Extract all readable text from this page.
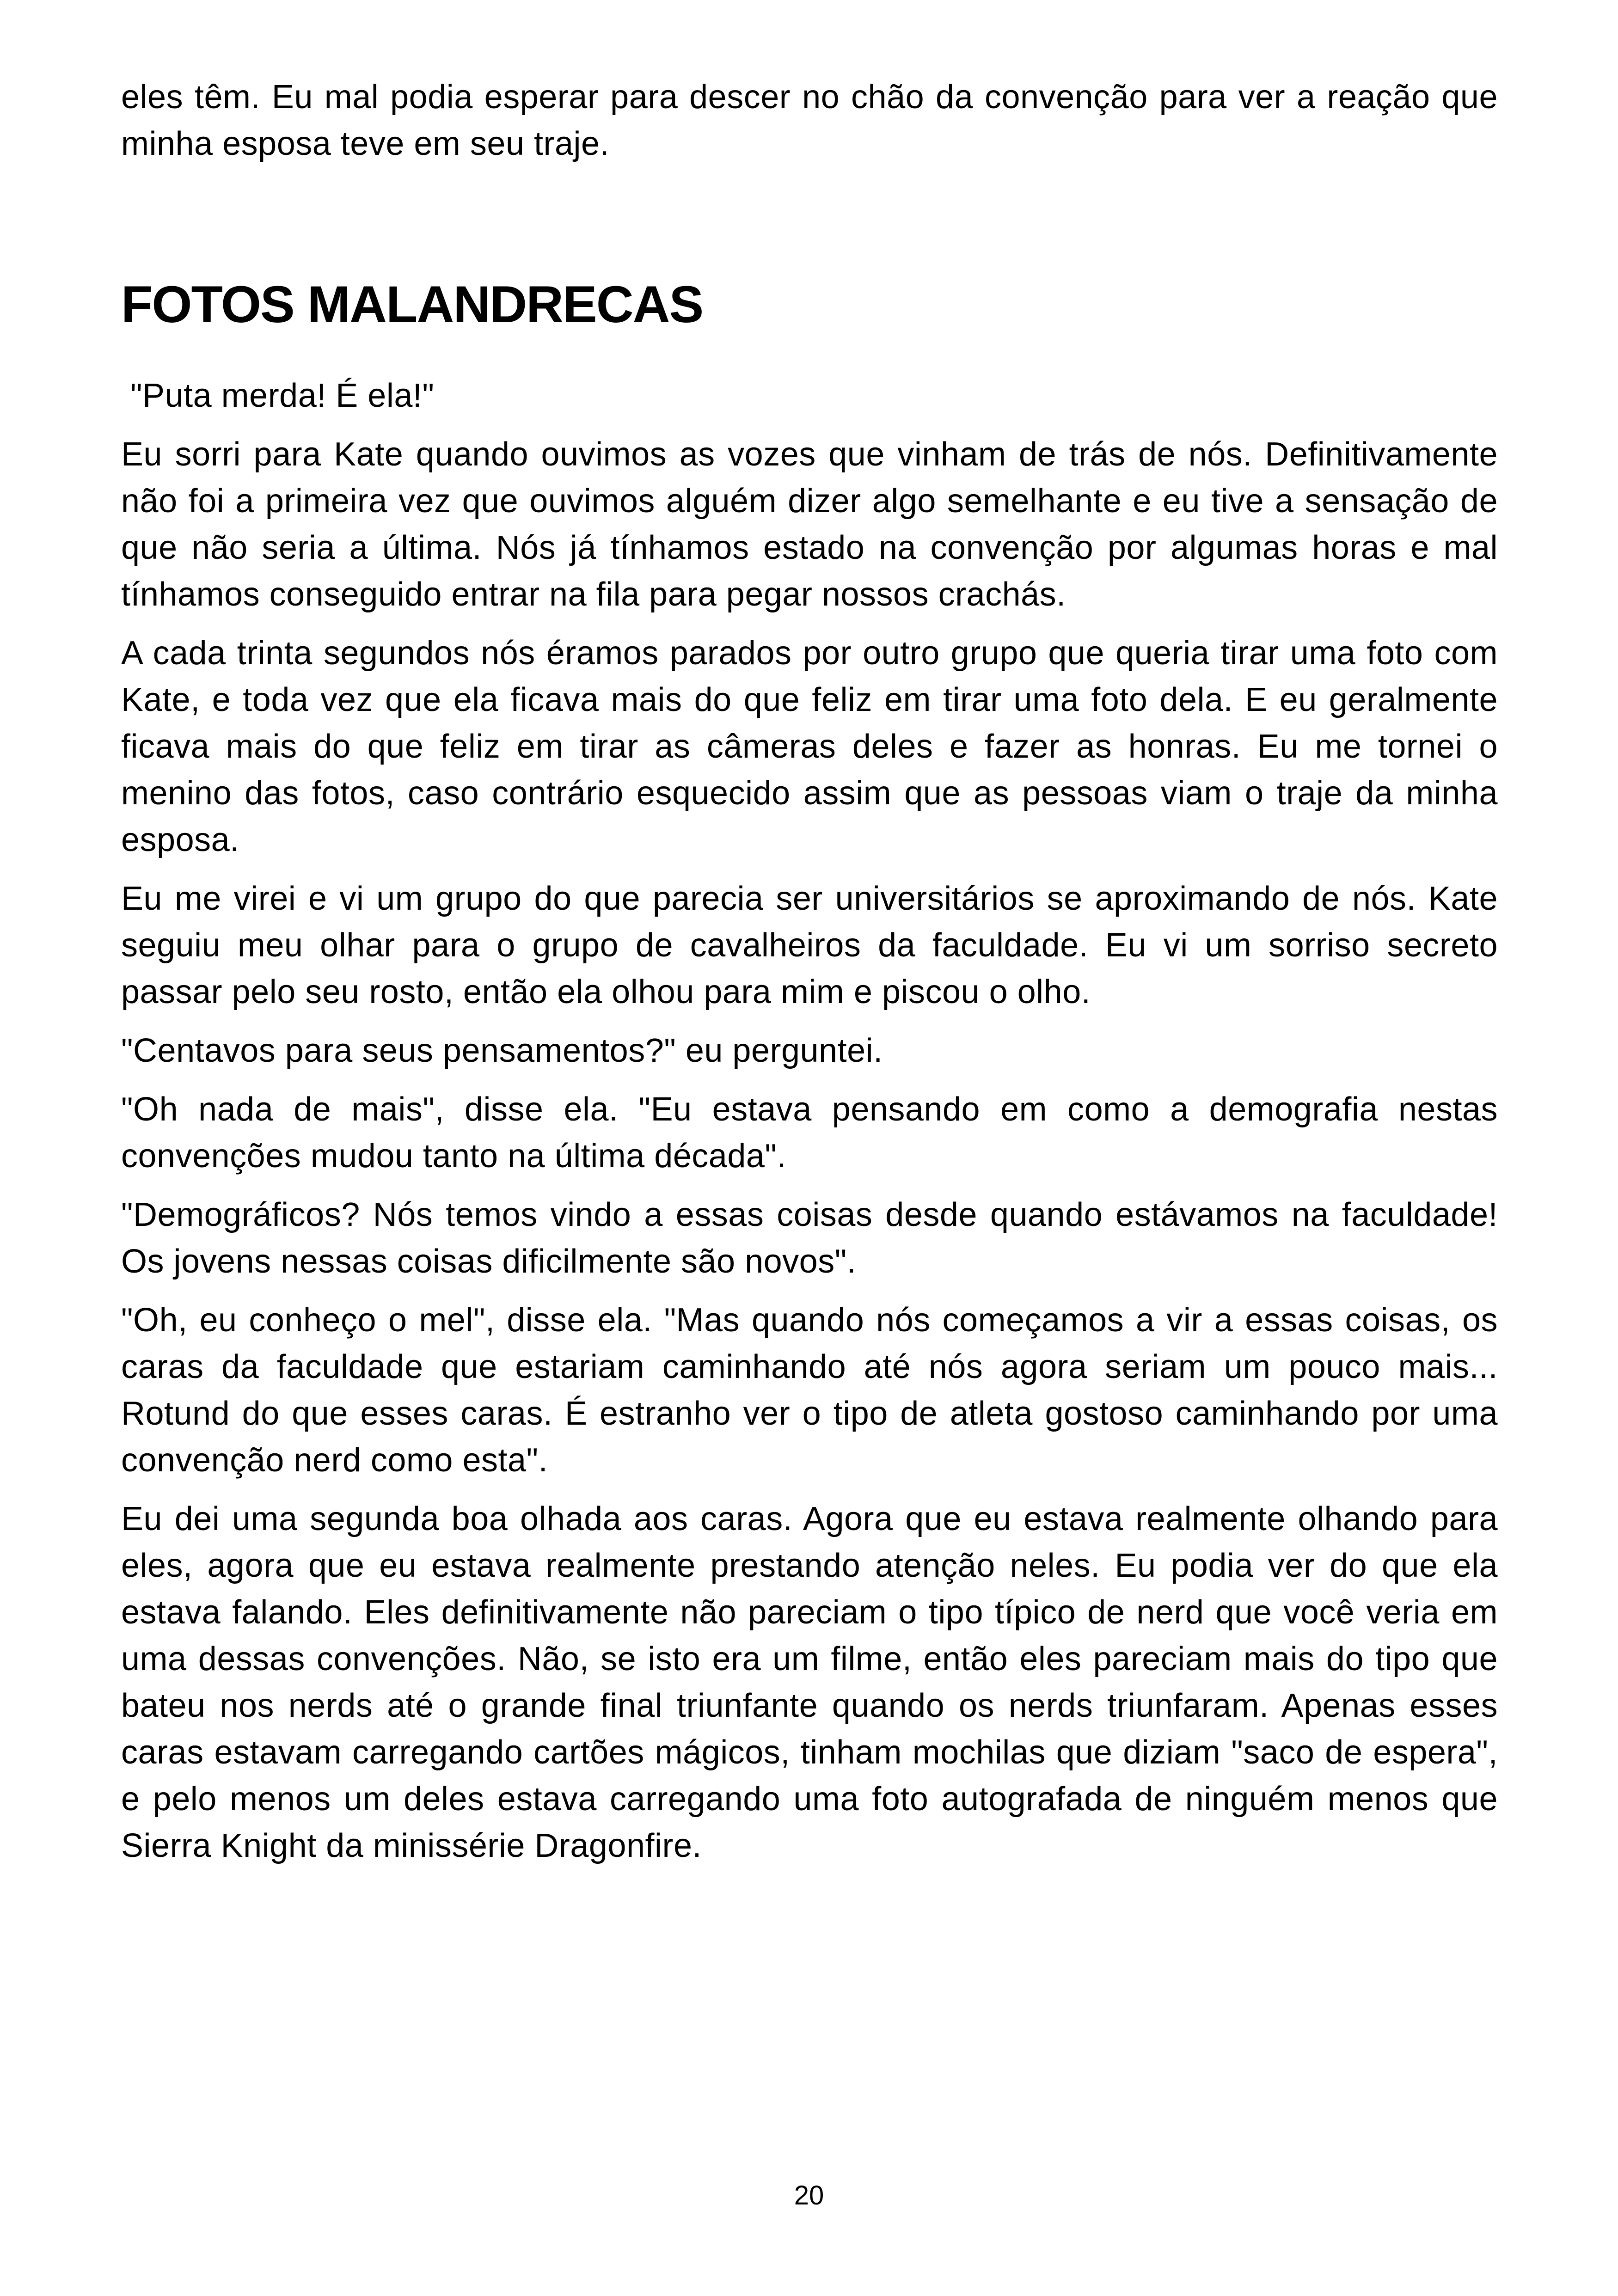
eles têm. Eu mal podia esperar para descer no chão da convenção para ver a reação que minha esposa teve em seu traje.

FOTOS MALANDRECAS

"Puta merda! É ela!"

Eu sorri para Kate quando ouvimos as vozes que vinham de trás de nós. Definitivamente não foi a primeira vez que ouvimos alguém dizer algo semelhante e eu tive a sensação de que não seria a última. Nós já tínhamos estado na convenção por algumas horas e mal tínhamos conseguido entrar na fila para pegar nossos crachás.

A cada trinta segundos nós éramos parados por outro grupo que queria tirar uma foto com Kate, e toda vez que ela ficava mais do que feliz em tirar uma foto dela. E eu geralmente ficava mais do que feliz em tirar as câmeras deles e fazer as honras. Eu me tornei o menino das fotos, caso contrário esquecido assim que as pessoas viam o traje da minha esposa.

Eu me virei e vi um grupo do que parecia ser universitários se aproximando de nós. Kate seguiu meu olhar para o grupo de cavalheiros da faculdade. Eu vi um sorriso secreto passar pelo seu rosto, então ela olhou para mim e piscou o olho.

"Centavos para seus pensamentos?" eu perguntei.

"Oh nada de mais", disse ela. "Eu estava pensando em como a demografia nestas convenções mudou tanto na última década".

"Demográficos? Nós temos vindo a essas coisas desde quando estávamos na faculdade! Os jovens nessas coisas dificilmente são novos".

"Oh, eu conheço o mel", disse ela. "Mas quando nós começamos a vir a essas coisas, os caras da faculdade que estariam caminhando até nós agora seriam um pouco mais... Rotund do que esses caras. É estranho ver o tipo de atleta gostoso caminhando por uma convenção nerd como esta".

Eu dei uma segunda boa olhada aos caras. Agora que eu estava realmente olhando para eles, agora que eu estava realmente prestando atenção neles. Eu podia ver do que ela estava falando. Eles definitivamente não pareciam o tipo típico de nerd que você veria em uma dessas convenções. Não, se isto era um filme, então eles pareciam mais do tipo que bateu nos nerds até o grande final triunfante quando os nerds triunfaram. Apenas esses caras estavam carregando cartões mágicos, tinham mochilas que diziam "saco de espera", e pelo menos um deles estava carregando uma foto autografada de ninguém menos que Sierra Knight da minissérie Dragonfire.

20
